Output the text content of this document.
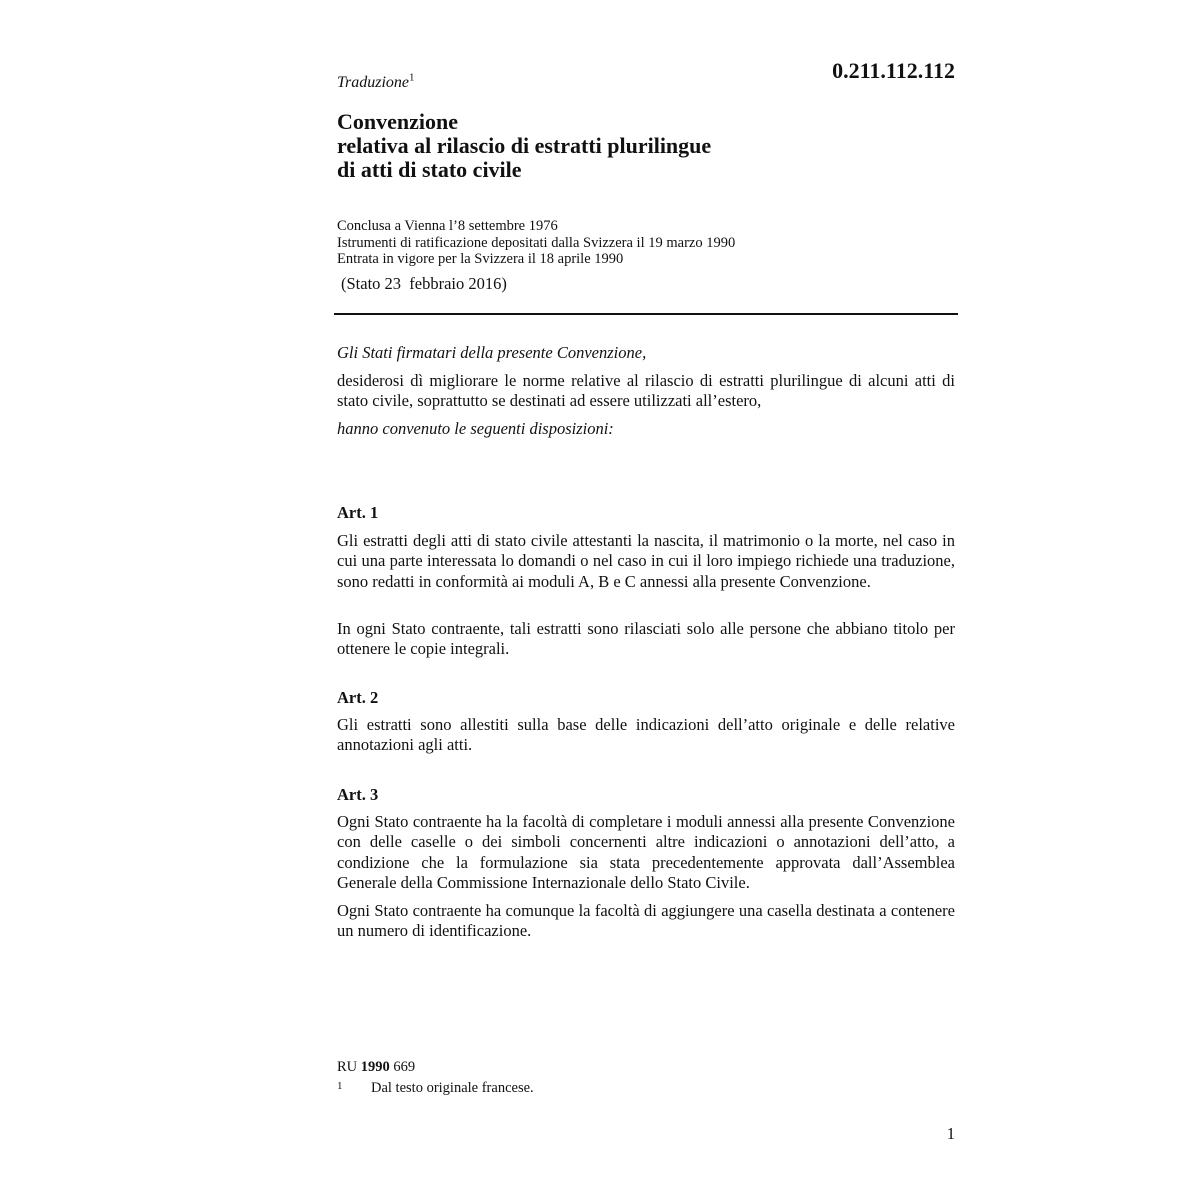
0.211.112.112
Traduzione$^1$
Convenzione
relativa al rilascio di estratti plurilingue
di atti di stato civile
Conclusa a Vienna l’8 settembre 1976
Istrumenti di ratificazione depositati dalla Svizzera il 19 marzo 1990
Entrata in vigore per la Svizzera il 18 aprile 1990
(Stato 23  febbraio 2016)
Gli Stati firmatari della presente Convenzione,
desiderosi dì migliorare le norme relative al rilascio di estratti plurilingue di alcuni atti di stato civile, soprattutto se destinati ad essere utilizzati all’estero,
hanno convenuto le seguenti disposizioni:
Art. 1
Gli estratti degli atti di stato civile attestanti la nascita, il matrimonio o la morte, nel caso in cui una parte interessata lo domandi o nel caso in cui il loro impiego richiede una traduzione, sono redatti in conformità ai moduli A, B e C annessi alla presente Convenzione.
In ogni Stato contraente, tali estratti sono rilasciati solo alle persone che abbiano titolo per ottenere le copie integrali.
Art. 2
Gli estratti sono allestiti sulla base delle indicazioni dell’atto originale e delle relative annotazioni agli atti.
Art. 3
Ogni Stato contraente ha la facoltà di completare i moduli annessi alla presente Convenzione con delle caselle o dei simboli concernenti altre indicazioni o annotazioni dell’atto, a condizione che la formulazione sia stata precedentemente approvata dall’Assemblea Generale della Commissione Internazionale dello Stato Civile.
Ogni Stato contraente ha comunque la facoltà di aggiungere una casella destinata a contenere un numero di identificazione.
RU 1990 669
1 Dal testo originale francese.
1
